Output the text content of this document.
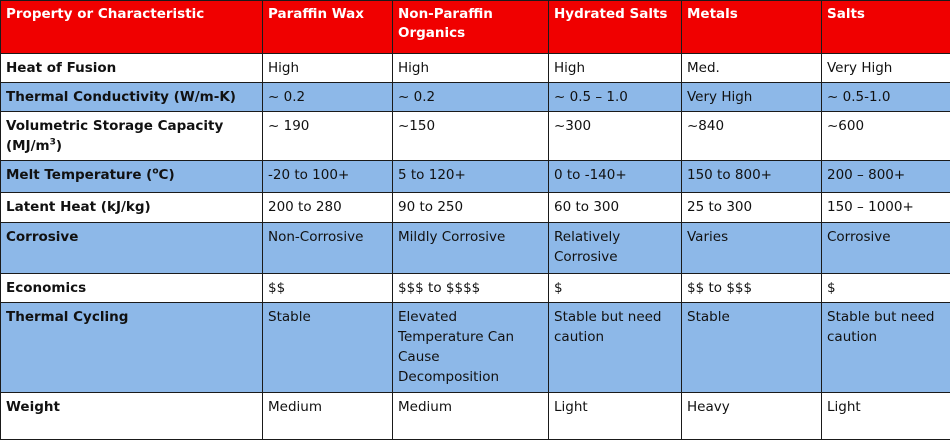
Property or Characteristic	Paraffin Wax	Non-Paraffin Organics	Hydrated Salts	Metals	Salts
Heat of Fusion	High	High	High	Med.	Very High
Thermal Conductivity (W/m-K)	~ 0.2	~ 0.2	~ 0.5 – 1.0	Very High	~ 0.5-1.0
Volumetric Storage Capacity $(MJ/m^3)$	~ 190	~150	~300	~840	~600
Melt Temperature ($^o$C)	-20 to 100+	5 to 120+	0 to -140+	150 to 800+	200 – 800+
Latent Heat (kJ/kg)	200 to 280	90 to 250	60 to 300	25 to 300	150 – 1000+
Corrosive	Non-Corrosive	Mildly Corrosive	Relatively Corrosive	Varies	Corrosive
Economics	$$	$$$ to $$$$	$	$$ to $$$	$
Thermal Cycling	Stable	Elevated Temperature Can Cause Decomposition	Stable but need caution	Stable	Stable but need caution
Weight	Medium	Medium	Light	Heavy	Light
